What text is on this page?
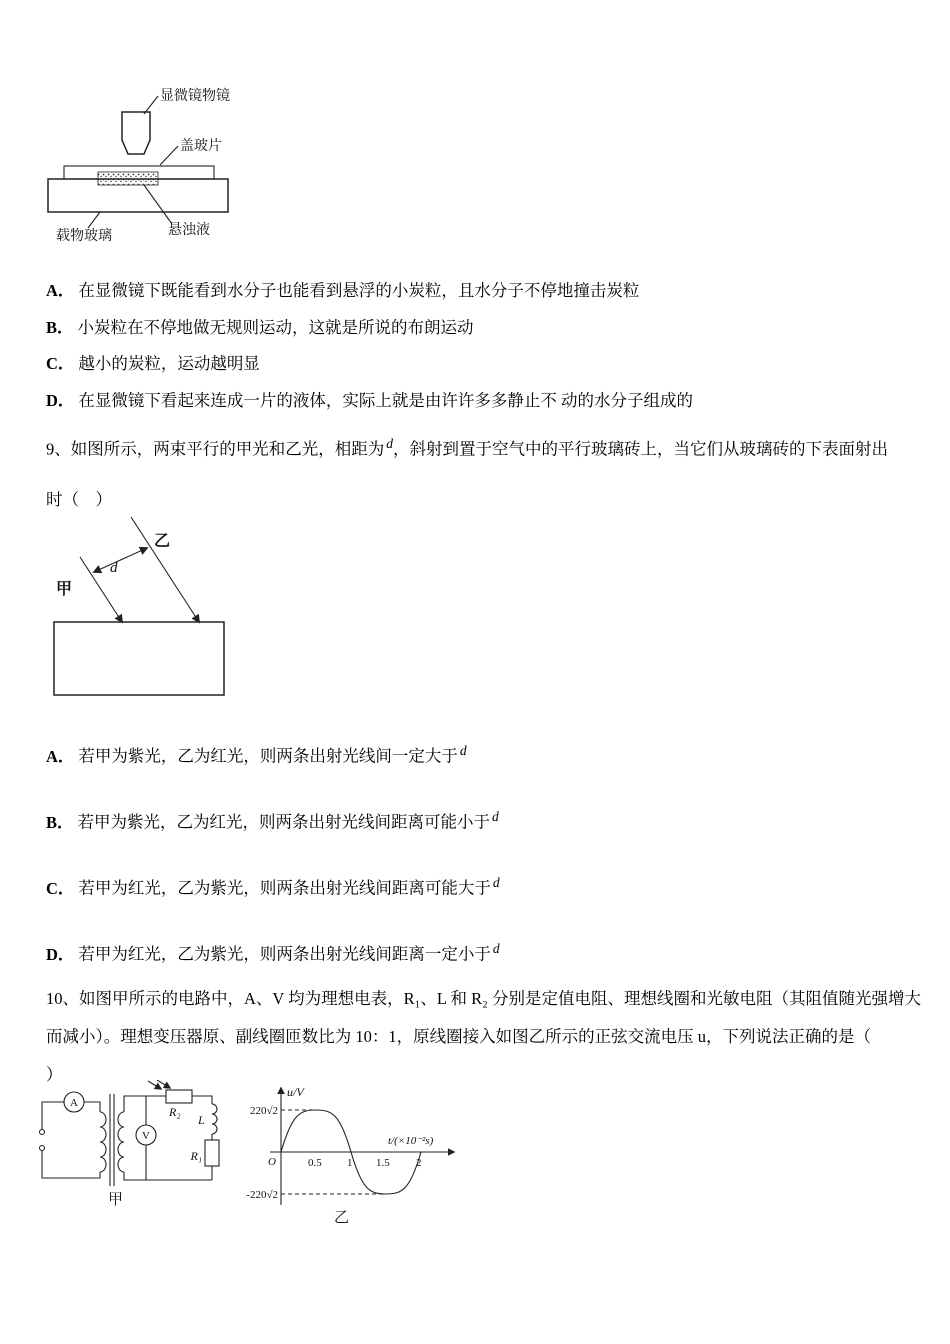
显微镜物镜
盖玻片
悬浊液
载物玻璃
A． 在显微镜下既能看到水分子也能看到悬浮的小炭粒，且水分子不停地撞击炭粒
B． 小炭粒在不停地做无规则运动，这就是所说的布朗运动
C． 越小的炭粒，运动越明显
D． 在显微镜下看起来连成一片的液体，实际上就是由许许多多静止不 动的水分子组成的
9、如图所示，两束平行的甲光和乙光，相距为 $^d$，斜射到置于空气中的平行玻璃砖上，当它们从玻璃砖的下表面射出
时（　）
乙
甲
d
A． 若甲为紫光，乙为红光，则两条出射光线间一定大于 $^d$
B． 若甲为紫光，乙为红光，则两条出射光线间距离可能小于 $^d$
C． 若甲为红光，乙为紫光，则两条出射光线间距离可能大于 $^d$
D． 若甲为红光，乙为紫光，则两条出射光线间距离一定小于 $^d$
10、如图甲所示的电路中，A、V 均为理想电表，R₁、L 和 R₂ 分别是定值电阻、理想线圈和光敏电阻（其阻值随光强增大
而减小）。理想变压器原、副线圈匝数比为 10：1，原线圈接入如图乙所示的正弦交流电压 u，下列说法正确的是（
）
A
V
R₂
L
R₁
甲
u/V
t/(×10⁻²s)
220√2
-220√2
O	0.5 1 1.5 2
乙
